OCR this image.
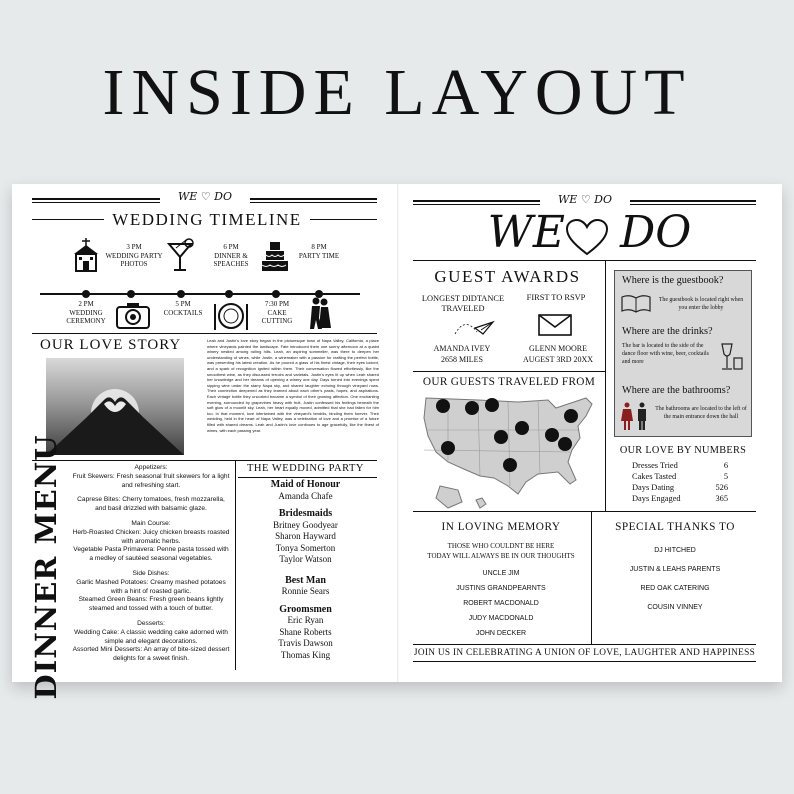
INSIDE LAYOUT
WE ♡ DO
WEDDING TIMELINE
3 PM
WEDDING PARTY PHOTOS
6 PM
DINNER & SPEACHES
8 PM
PARTY TIME
2 PM
WEDDING CEREMONY
5 PM
COCKTAILS
7:30 PM
CAKE CUTTING
OUR LOVE STORY	Leah and Justin's love story began in the picturesque town of Napa Valley, California, a place where vineyards painted the landscape. Fate introduced them one sunny afternoon at a quaint winery nestled among rolling hills. Leah, an aspiring sommelier, was there to deepen her understanding of wines, while Justin, a winemaker with a passion for crafting the perfect bottle, was presenting his latest creation. As he poured a glass of his finest vintage, their eyes locked, and a spark of recognition ignited within them. Their conversation flowed effortlessly, like the smoothest wine, as they discussed terroirs and varietals. Justin's eyes lit up when Leah shared her knowledge and her dreams of opening a winery one day. Days turned into evenings spent sipping wine under the starry Napa sky, and shared laughter echoing through vineyard rows. Their connection deepened as they learned about each other's pasts, hopes, and aspirations. Each vintage bottle they uncorked became a symbol of their growing affection. One enchanting evening, surrounded by grapevines heavy with fruit, Justin confessed his feelings beneath the soft glow of a moonlit sky. Leah, her heart equally moved, admitted that she had fallen for him too. In that moment, love intertwined with the vineyard's tendrils, binding them forever. Their wedding, held in the heart of Napa Valley, was a celebration of love and a promise of a future filled with shared dreams. Leah and Justin's love continues to age gracefully, like the finest of wines, with each passing year.
DINNER MENU	Appetizers:
Fruit Skewers: Fresh seasonal fruit skewers for a light and refreshing start.
Caprese Bites: Cherry tomatoes, fresh mozzarella, and basil drizzled with balsamic glaze.
Main Course:
Herb-Roasted Chicken: Juicy chicken breasts roasted with aromatic herbs.
Vegetable Pasta Primavera: Penne pasta tossed with a medley of sautéed seasonal vegetables.
Side Dishes:
Garlic Mashed Potatoes: Creamy mashed potatoes with a hint of roasted garlic.
Steamed Green Beans: Fresh green beans lightly steamed and tossed with a touch of butter.
Desserts:
Wedding Cake: A classic wedding cake adorned with simple and elegant decorations.
Assorted Mini Desserts: An array of bite-sized dessert delights for a sweet finish.
THE WEDDING PARTY
Maid of Honour
Amanda Chafe
Bridesmaids
Britney Goodyear
Sharon Hayward
Tonya Somerton
Taylor Watson
Best Man
Ronnie Sears
Groomsmen
Eric Ryan
Shane Roberts
Travis Dawson
Thomas King
WE ♡ DO
WE DO
GUEST AWARDS
LONGEST DIDTANCE TRAVELED
AMANDA IVEY
2658 MILES
FIRST TO RSVP
GLENN MOORE
AUGEST 3RD 20XX
OUR GUESTS TRAVELED FROM
Where is the guestbook?
The guestbook is located right when you enter the lobby
Where are the drinks?
The bar is located to the side of the dance floor with wine, beer, cocktails and more
Where are the bathrooms?
The bathrooms are located to the left of the main entrance down the hall
OUR LOVE BY NUMBERS
Dresses Tried	6
Cakes Tasted	5
Days Dating	526
Days Engaged	365
IN LOVING MEMORY
THOSE WHO COULDNT BE HERE
TODAY WILL ALWAYS BE IN OUR THOUGHTS
UNCLE JIM
JUSTINS GRANDPEARNTS
ROBERT MACDONALD
JUDY MACDONALD
JOHN DECKER
SPECIAL THANKS TO
DJ HITCHED
JUSTIN & LEAHS PARENTS
RED OAK CATERING
COUSIN VINNEY
JOIN US IN CELEBRATING A UNION OF LOVE, LAUGHTER AND HAPPINESS
